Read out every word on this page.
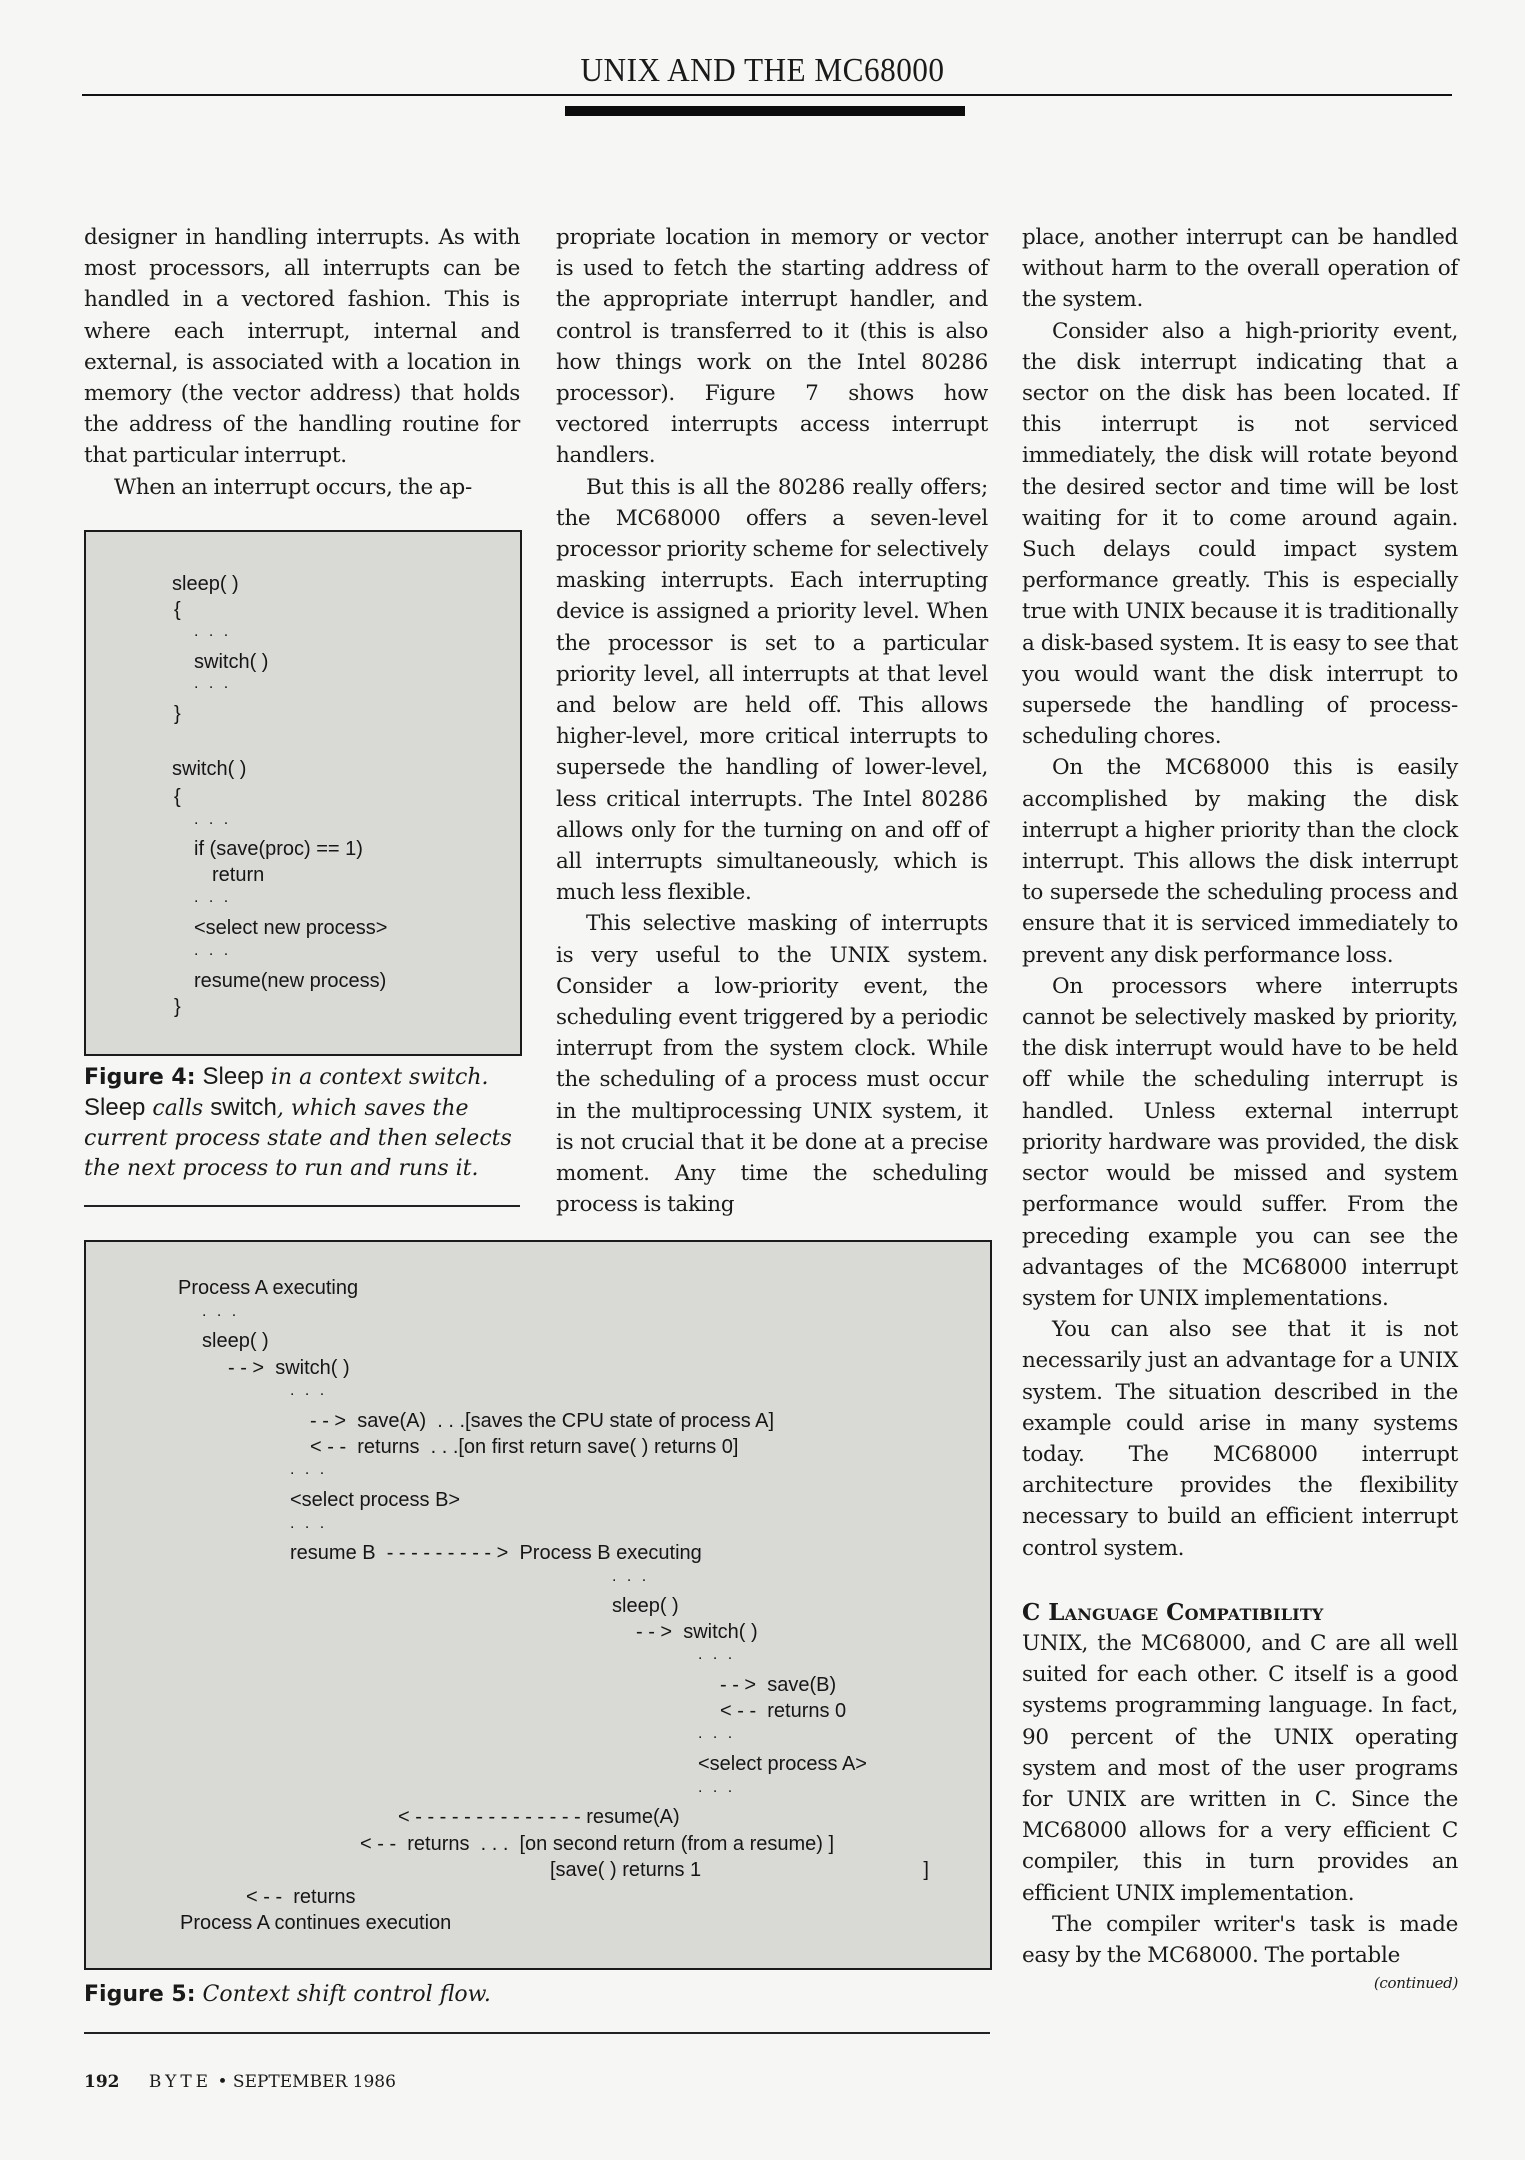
UNIX AND THE MC68000

designer in handling interrupts. As with most processors, all interrupts can be handled in a vectored fashion. This is where each interrupt, internal and external, is associated with a location in memory (the vector address) that holds the address of the handling routine for that particular interrupt.

When an interrupt occurs, the ap-

sleep( )
{
. . .
switch( )
. . .
}
switch( )
{
. . .
if (save(proc) == 1)
return
. . .
<select new process>
. . .
resume(new process)
}
Figure 4: Sleep in a context switch. Sleep calls switch, which saves the current process state and then selects the next process to run and runs it.

propriate location in memory or vector is used to fetch the starting address of the appropriate interrupt handler, and control is transferred to it (this is also how things work on the Intel 80286 processor). Figure 7 shows how vectored interrupts access interrupt handlers.

But this is all the 80286 really offers; the MC68000 offers a seven-level processor priority scheme for selectively masking interrupts. Each interrupting device is assigned a priority level. When the processor is set to a particular priority level, all interrupts at that level and below are held off. This allows higher-level, more critical interrupts to supersede the handling of lower-level, less critical interrupts. The Intel 80286 allows only for the turning on and off of all interrupts simultaneously, which is much less flexible.

This selective masking of interrupts is very useful to the UNIX system. Consider a low-priority event, the scheduling event triggered by a periodic interrupt from the system clock. While the scheduling of a process must occur in the multiprocessing UNIX system, it is not crucial that it be done at a precise moment. Any time the scheduling process is taking

place, another interrupt can be handled without harm to the overall operation of the system.

Consider also a high-priority event, the disk interrupt indicating that a sector on the disk has been located. If this interrupt is not serviced immediately, the disk will rotate beyond the desired sector and time will be lost waiting for it to come around again. Such delays could impact system performance greatly. This is especially true with UNIX because it is traditionally a disk-based system. It is easy to see that you would want the disk interrupt to supersede the handling of process-scheduling chores.

On the MC68000 this is easily accomplished by making the disk interrupt a higher priority than the clock interrupt. This allows the disk interrupt to supersede the scheduling process and ensure that it is serviced immediately to prevent any disk performance loss.

On processors where interrupts cannot be selectively masked by priority, the disk interrupt would have to be held off while the scheduling interrupt is handled. Unless external interrupt priority hardware was provided, the disk sector would be missed and system performance would suffer. From the preceding example you can see the advantages of the MC68000 interrupt system for UNIX implementations.

You can also see that it is not necessarily just an advantage for a UNIX system. The situation described in the example could arise in many systems today. The MC68000 interrupt architecture provides the flexibility necessary to build an efficient interrupt control system.

C Language Compatibility

UNIX, the MC68000, and C are all well suited for each other. C itself is a good systems programming language. In fact, 90 percent of the UNIX operating system and most of the user programs for UNIX are written in C. Since the MC68000 allows for a very efficient C compiler, this in turn provides an efficient UNIX implementation.

The compiler writer's task is made easy by the MC68000. The portable

(continued)
Process A executing
. . .
sleep( )
- - >  switch( )
. . .
- - >  save(A)  . . .[saves the CPU state of process A]
< - -  returns  . . .[on first return save( ) returns 0]
. . .
<select process B>
. . .
resume B  - - - - - - - - - >  Process B executing
. . .
sleep( )
- - >  switch( )
. . .
- - >  save(B)
< - -  returns 0
. . .
<select process A>
. . .
< - - - - - - - - - - - - - - resume(A)
< - -  returns  . . .  [on second return (from a resume) ]
[save( ) returns 1                                        ]
< - -  returns
Process A continues execution
Figure 5: Context shift control flow.
192 BYTE • SEPTEMBER 1986
